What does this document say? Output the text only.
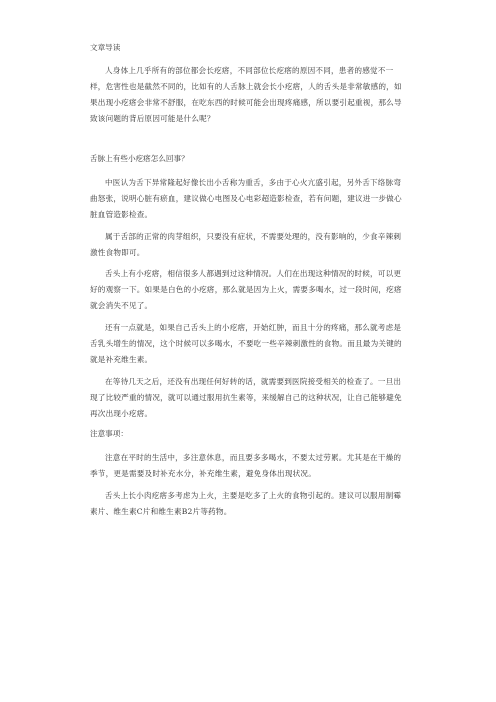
文章导读
人身体上几乎所有的部位都会长疙瘩，不同部位长疙瘩的原因不同，患者的感觉不一样，危害性也是截然不同的，比如有的人舌脉上就会长小疙瘩，人的舌头是非常敏感的，如果出现小疙瘩会非常不舒服，在吃东西的时候可能会出现疼痛感，所以要引起重视，那么导致该问题的背后原因可能是什么呢？
舌脉上有些小疙瘩怎么回事？
中医认为舌下异常隆起好像长出小舌称为重舌，多由于心火亢盛引起，另外舌下络脉弯曲怒张，说明心脏有瘀血，建议做心电图及心电彩超造影检查，若有问题，建议进一步做心脏血管造影检查。
属于舌部的正常的肉芽组织，只要没有症状，不需要处理的，没有影响的，少食辛辣刺激性食物即可。
舌头上有小疙瘩，相信很多人都遇到过这种情况。人们在出现这种情况的时候，可以更好的观察一下。如果是白色的小疙瘩，那么就是因为上火，需要多喝水，过一段时间，疙瘩就会消失不见了。
还有一点就是，如果自己舌头上的小疙瘩，开始红肿，而且十分的疼痛，那么就考虑是舌乳头增生的情况，这个时候可以多喝水，不要吃一些辛辣刺激性的食物。而且最为关键的就是补充维生素。
在等待几天之后，还没有出现任何好转的话，就需要到医院接受相关的检查了。一旦出现了比较严重的情况，就可以通过服用抗生素等，来缓解自己的这种状况，让自己能够避免再次出现小疙瘩。
注意事项：
注意在平时的生活中，多注意休息，而且要多多喝水，不要太过劳累。尤其是在干燥的季节，更是需要及时补充水分，补充维生素，避免身体出现状况。
舌头上长小肉疙瘩多考虑为上火，主要是吃多了上火的食物引起的。建议可以服用制霉素片、维生素C片和维生素B2片等药物。
